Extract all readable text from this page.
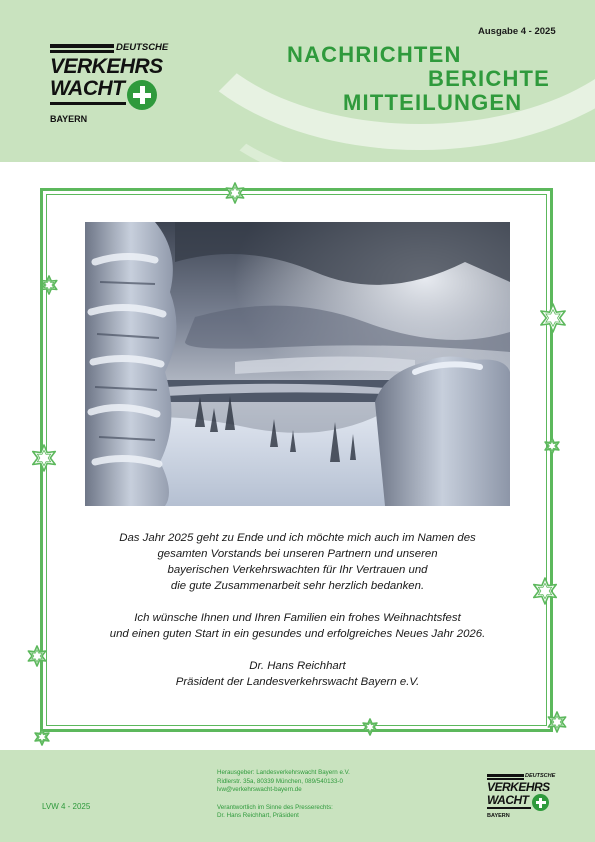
DEUTSCHE
VERKEHRS
WACHT
BAYERN
Ausgabe 4 - 2025
NACHRICHTEN
BERICHTE
MITTEILUNGEN

Das Jahr 2025 geht zu Ende und ich möchte mich auch im Namen des

gesamten Vorstands bei unseren Partnern und unseren

bayerischen Verkehrswachten für Ihr Vertrauen und

die gute Zusammenarbeit sehr herzlich bedanken.

Ich wünsche Ihnen und Ihren Familien ein frohes Weihnachtsfest

und einen guten Start in ein gesundes und erfolgreiches Neues Jahr 2026.

Dr. Hans Reichhart

Präsident der Landesverkehrswacht Bayern e.V.

LVW 4 - 2025
Herausgeber: Landesverkehrswacht Bayern e.V.
Ridlerstr. 35a, 80339 München, 089/540133-0
lvw@verkehrswacht-bayern.de
Verantwortlich im Sinne des Presserechts:
Dr. Hans Reichhart, Präsident
DEUTSCHE
VERKEHRS
WACHT
BAYERN
